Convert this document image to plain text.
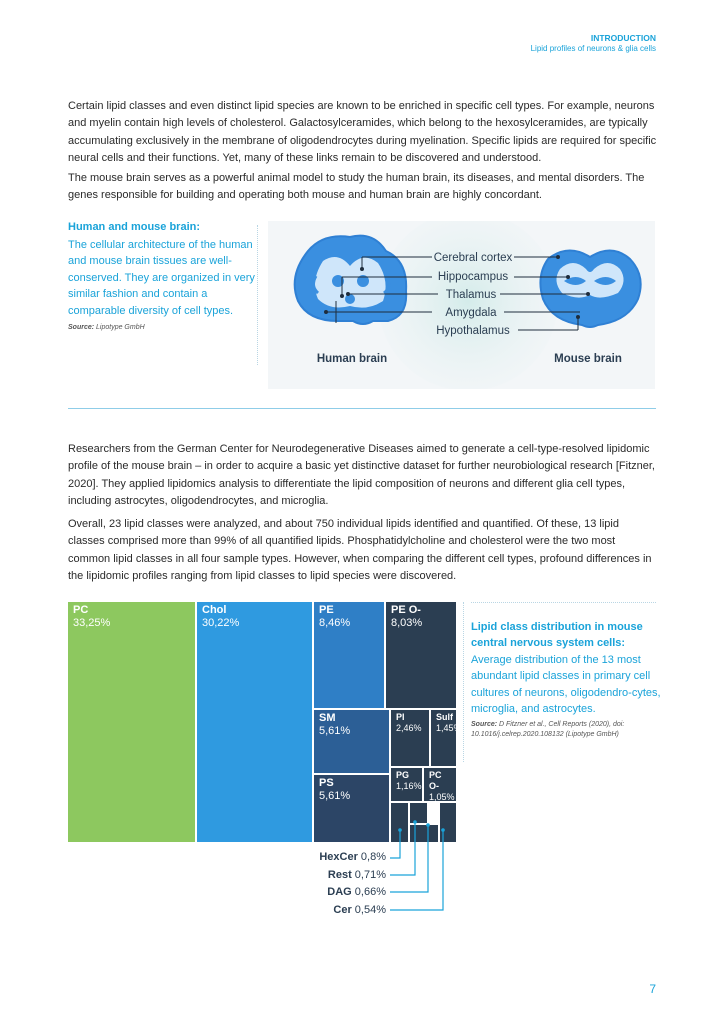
INTRODUCTION
Lipid profiles of neurons & glia cells

Certain lipid classes and even distinct lipid species are known to be enriched in specific cell types. For example, neurons and myelin contain high levels of cholesterol. Galactosylceramides, which belong to the hexosylceramides, are typically accumulating exclusively in the membrane of oligodendrocytes during myelination. Specific lipids are required for specific neural cells and their functions. Yet, many of these links remain to be discovered and understood.

The mouse brain serves as a powerful animal model to study the human brain, its diseases, and mental disorders. The genes responsible for building and operating both mouse and human brain are highly concordant.

Human and mouse brain:
The cellular architecture of the human and mouse brain tissues are well-conserved. They are organized in very similar fashion and contain a comparable diversity of cell types.
Source: Lipotype GmbH
Cerebral cortex
Hippocampus
Thalamus
Amygdala
Hypothalamus
Human brain	Mouse brain

Researchers from the German Center for Neurodegenerative Diseases aimed to generate a cell-type-resolved lipidomic profile of the mouse brain – in order to acquire a basic yet distinctive dataset for further neurobiological research [Fitzner, 2020]. They applied lipidomics analysis to differentiate the lipid composition of neurons and different glia cell types, including astrocytes, oligodendrocytes, and microglia.

Overall, 23 lipid classes were analyzed, and about 750 individual lipids identified and quantified. Of these, 13 lipid classes comprised more than 99% of all quantified lipids. Phosphatidylcholine and cholesterol were the two most common lipid classes in all four sample types. However, when comparing the different cell types, profound differences in the lipidomic profiles ranging from lipid classes to lipid species were discovered.

PC
33,25%
Chol
30,22%
PE
8,46%
PE O-
8,03%
SM
5,61%
PS
5,61%
PI
2,46%
Sulf
1,45%
PG
1,16%
PC O-
1,05%
HexCer 0,8%
Rest 0,71%
DAG 0,66%
Cer 0,54%
Lipid class distribution in mouse central nervous system cells:
Average distribution of the 13 most abundant lipid classes in primary cell cultures of neurons, oligodendro-cytes, microglia, and astrocytes.
Source: D Fitzner et al., Cell Reports (2020), doi: 10.1016/j.celrep.2020.108132 (Lipotype GmbH)
7
